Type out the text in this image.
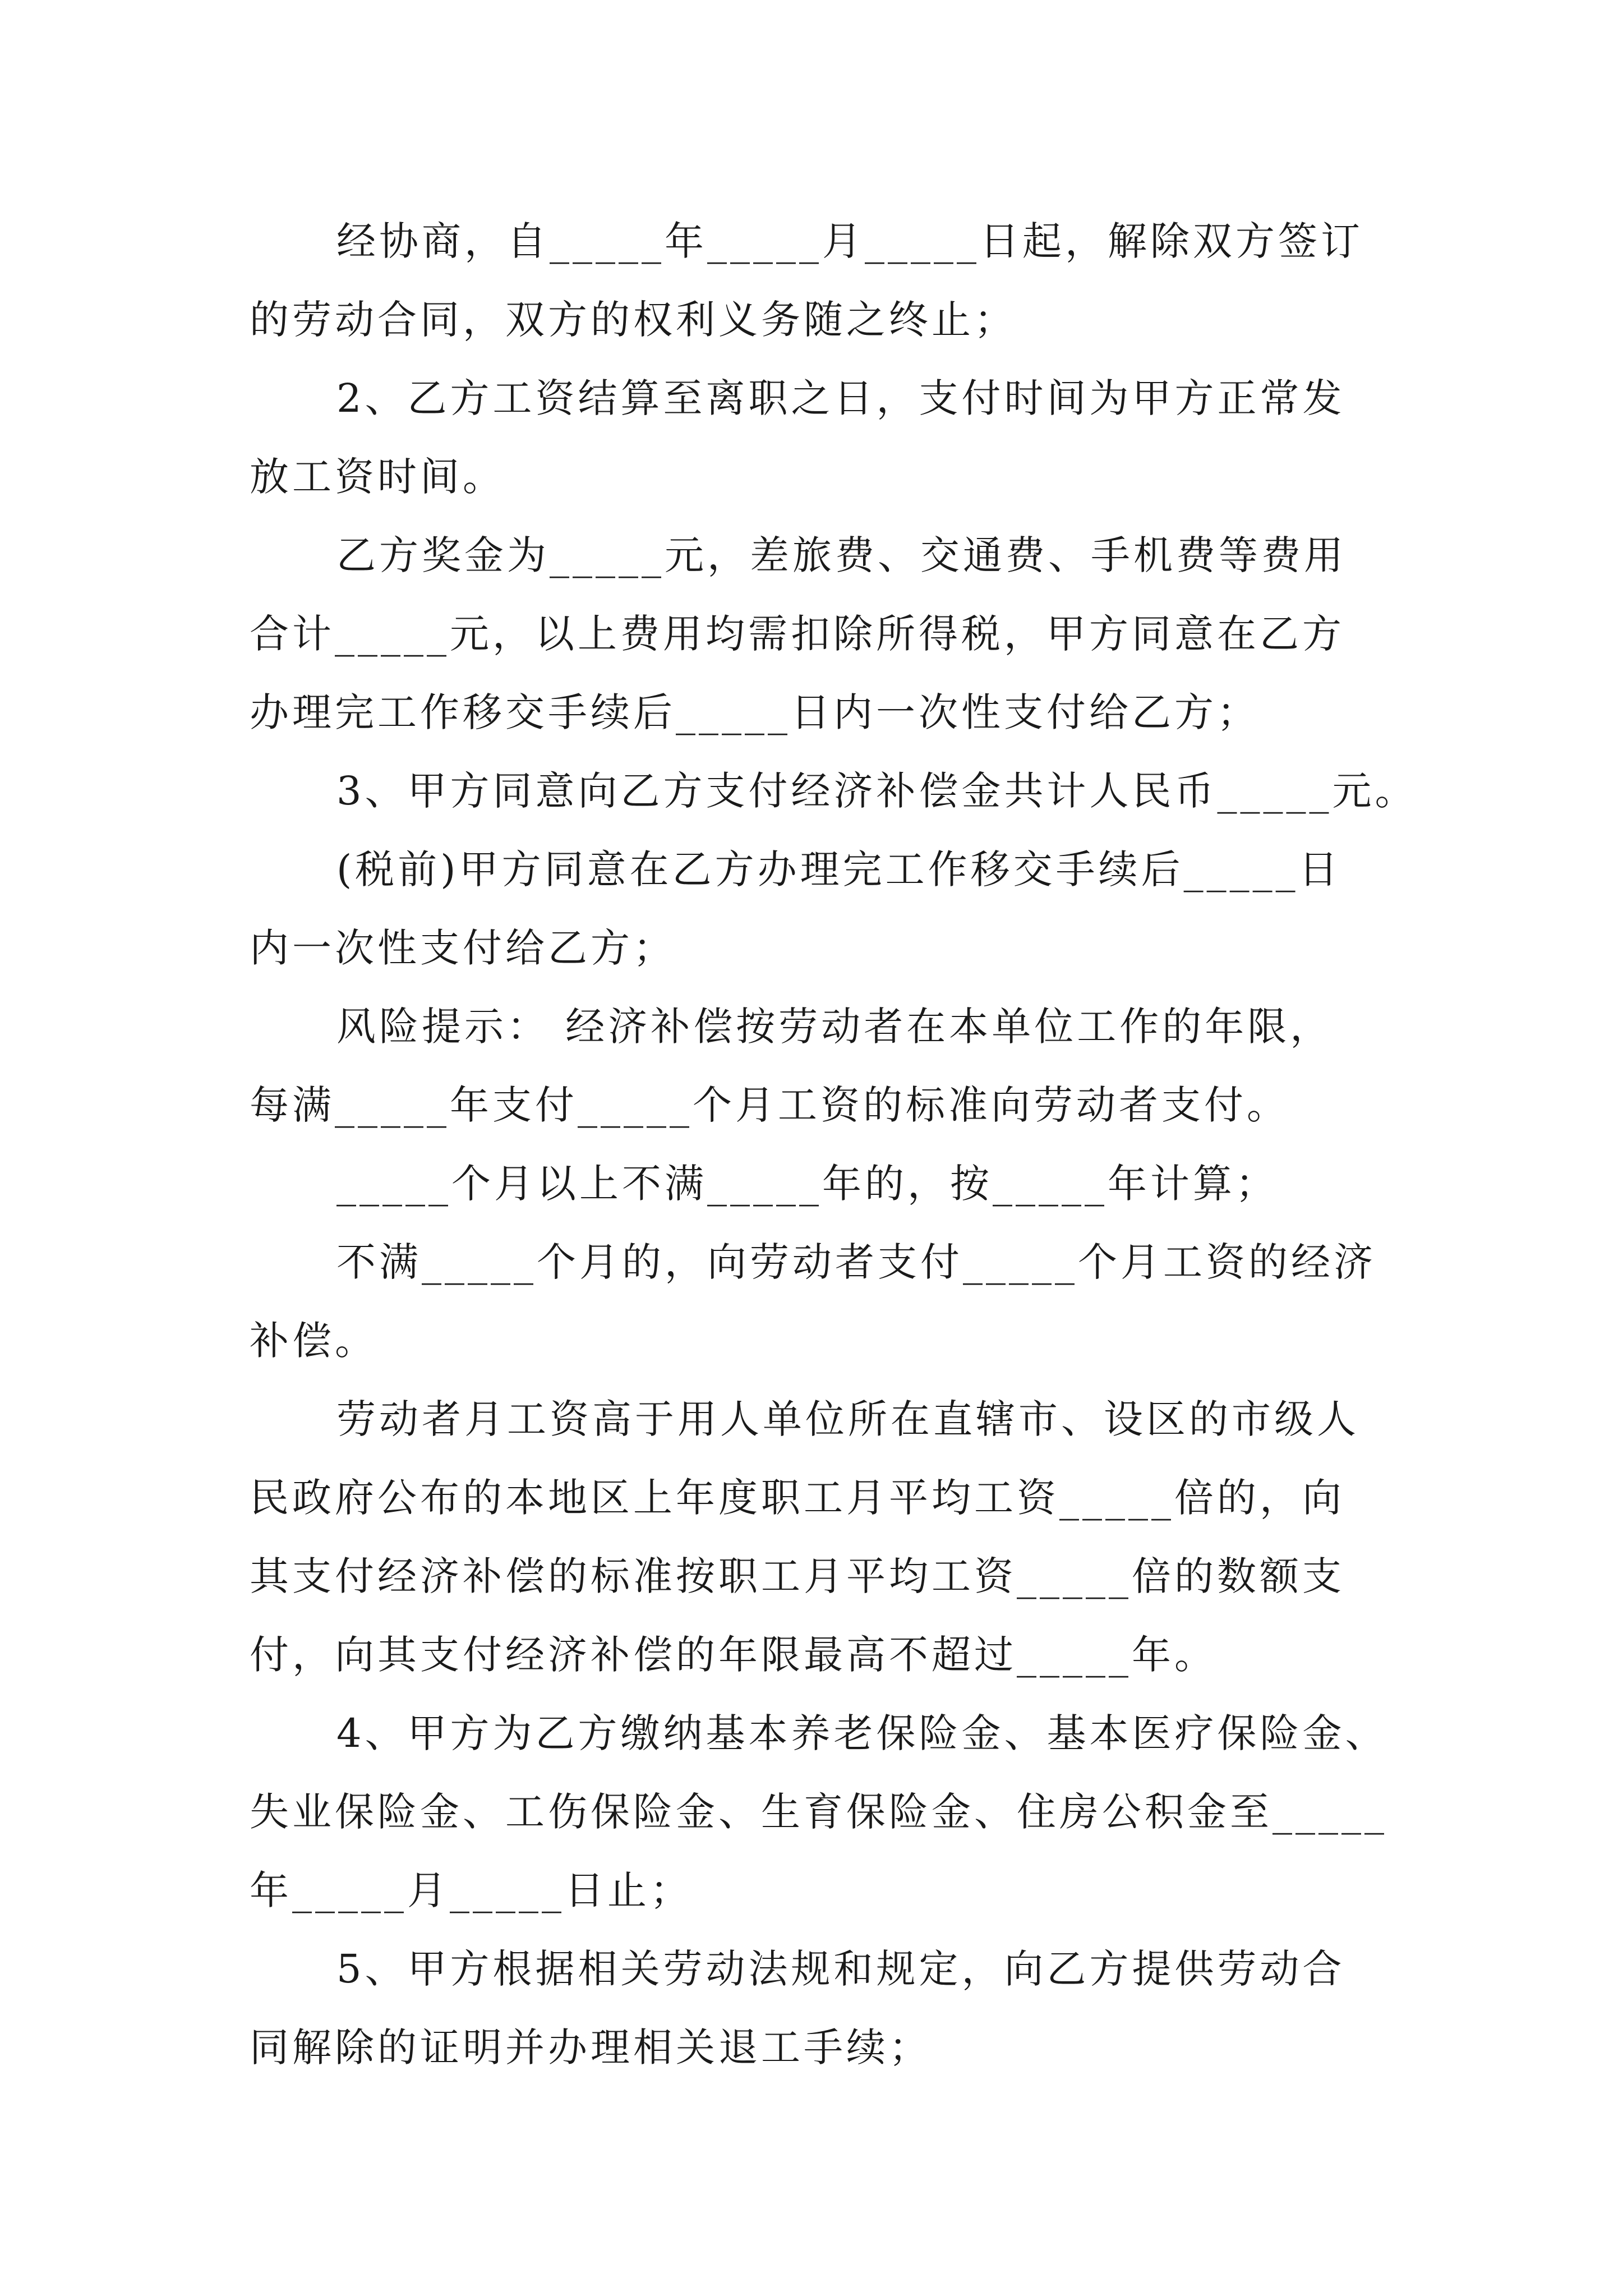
经协商，自_____年_____月_____日起，解除双方签订
的劳动合同，双方的权利义务随之终止；
2、乙方工资结算至离职之日，支付时间为甲方正常发
放工资时间。
乙方奖金为_____元，差旅费、交通费、手机费等费用
合计_____元，以上费用均需扣除所得税，甲方同意在乙方
办理完工作移交手续后_____日内一次性支付给乙方；
3、甲方同意向乙方支付经济补偿金共计人民币_____元。
(税前)甲方同意在乙方办理完工作移交手续后_____日
内一次性支付给乙方；
风险提示： 经济补偿按劳动者在本单位工作的年限，
每满_____年支付_____个月工资的标准向劳动者支付。
_____个月以上不满_____年的，按_____年计算；
不满_____个月的，向劳动者支付_____个月工资的经济
补偿。
劳动者月工资高于用人单位所在直辖市、设区的市级人
民政府公布的本地区上年度职工月平均工资_____倍的，向
其支付经济补偿的标准按职工月平均工资_____倍的数额支
付，向其支付经济补偿的年限最高不超过_____年。
4、甲方为乙方缴纳基本养老保险金、基本医疗保险金、
失业保险金、工伤保险金、生育保险金、住房公积金至_____
年_____月_____日止；
5、甲方根据相关劳动法规和规定，向乙方提供劳动合
同解除的证明并办理相关退工手续；
